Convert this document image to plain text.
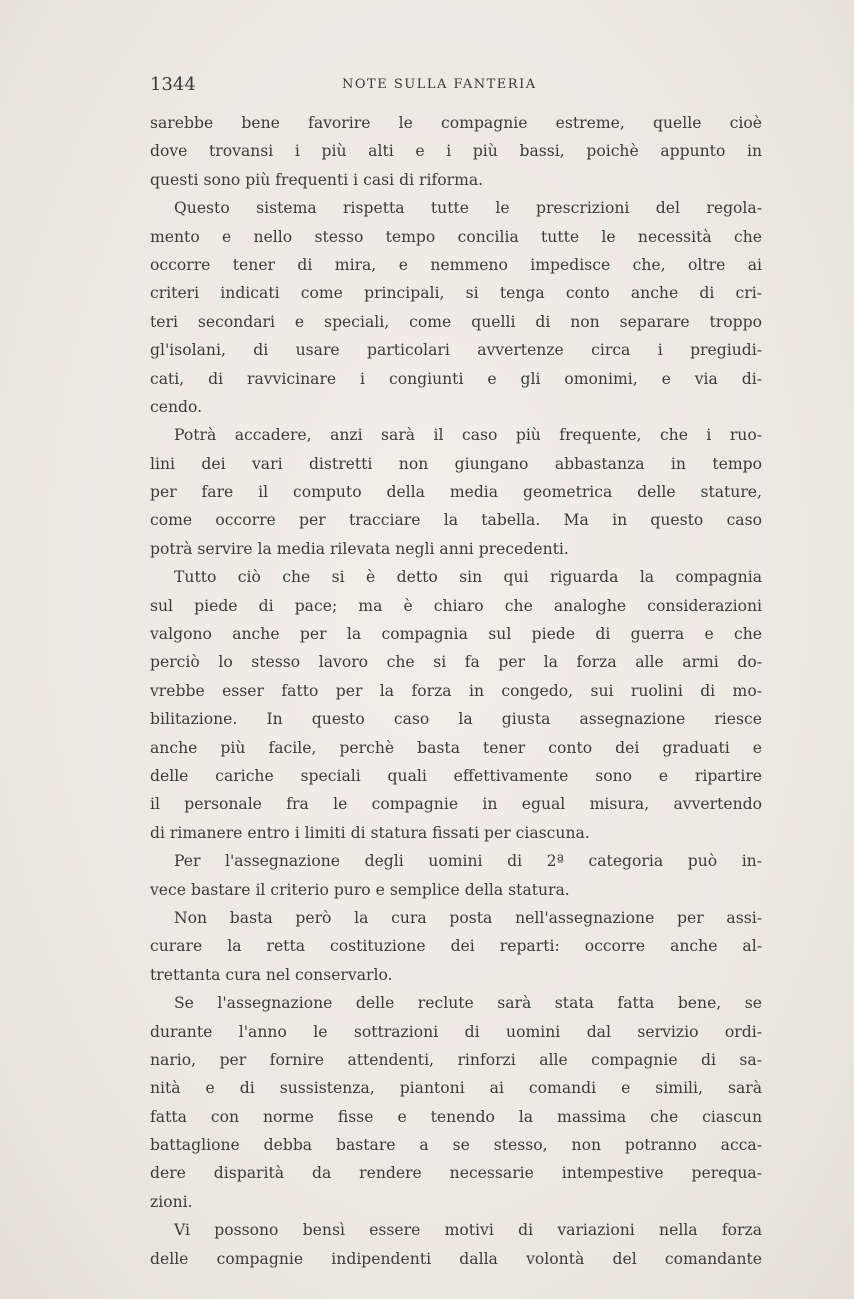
1344	NOTE SULLA FANTERIA
sarebbe bene favorire le compagnie estreme, quelle cioè
dove trovansi i più alti e i più bassi, poichè appunto in
questi sono più frequenti i casi di riforma.
Questo sistema rispetta tutte le prescrizioni del regola-
mento e nello stesso tempo concilia tutte le necessità che
occorre tener di mira, e nemmeno impedisce che, oltre ai
criteri indicati come principali, si tenga conto anche di cri-
teri secondari e speciali, come quelli di non separare troppo
gl'isolani, di usare particolari avvertenze circa i pregiudi-
cati, di ravvicinare i congiunti e gli omonimi, e via di-
cendo.
Potrà accadere, anzi sarà il caso più frequente, che i ruo-
lini dei vari distretti non giungano abbastanza in tempo
per fare il computo della media geometrica delle stature,
come occorre per tracciare la tabella. Ma in questo caso
potrà servire la media rilevata negli anni precedenti.
Tutto ciò che si è detto sin qui riguarda la compagnia
sul piede di pace; ma è chiaro che analoghe considerazioni
valgono anche per la compagnia sul piede di guerra e che
perciò lo stesso lavoro che si fa per la forza alle armi do-
vrebbe esser fatto per la forza in congedo, sui ruolini di mo-
bilitazione. In questo caso la giusta assegnazione riesce
anche più facile, perchè basta tener conto dei graduati e
delle cariche speciali quali effettivamente sono e ripartire
il personale fra le compagnie in egual misura, avvertendo
di rimanere entro i limiti di statura fissati per ciascuna.
Per l'assegnazione degli uomini di 2ª categoria può in-
vece bastare il criterio puro e semplice della statura.
Non basta però la cura posta nell'assegnazione per assi-
curare la retta costituzione dei reparti: occorre anche al-
trettanta cura nel conservarlo.
Se l'assegnazione delle reclute sarà stata fatta bene, se
durante l'anno le sottrazioni di uomini dal servizio ordi-
nario, per fornire attendenti, rinforzi alle compagnie di sa-
nità e di sussistenza, piantoni ai comandi e simili, sarà
fatta con norme fisse e tenendo la massima che ciascun
battaglione debba bastare a se stesso, non potranno acca-
dere disparità da rendere necessarie intempestive perequa-
zioni.
Vi possono bensì essere motivi di variazioni nella forza
delle compagnie indipendenti dalla volontà del comandante
